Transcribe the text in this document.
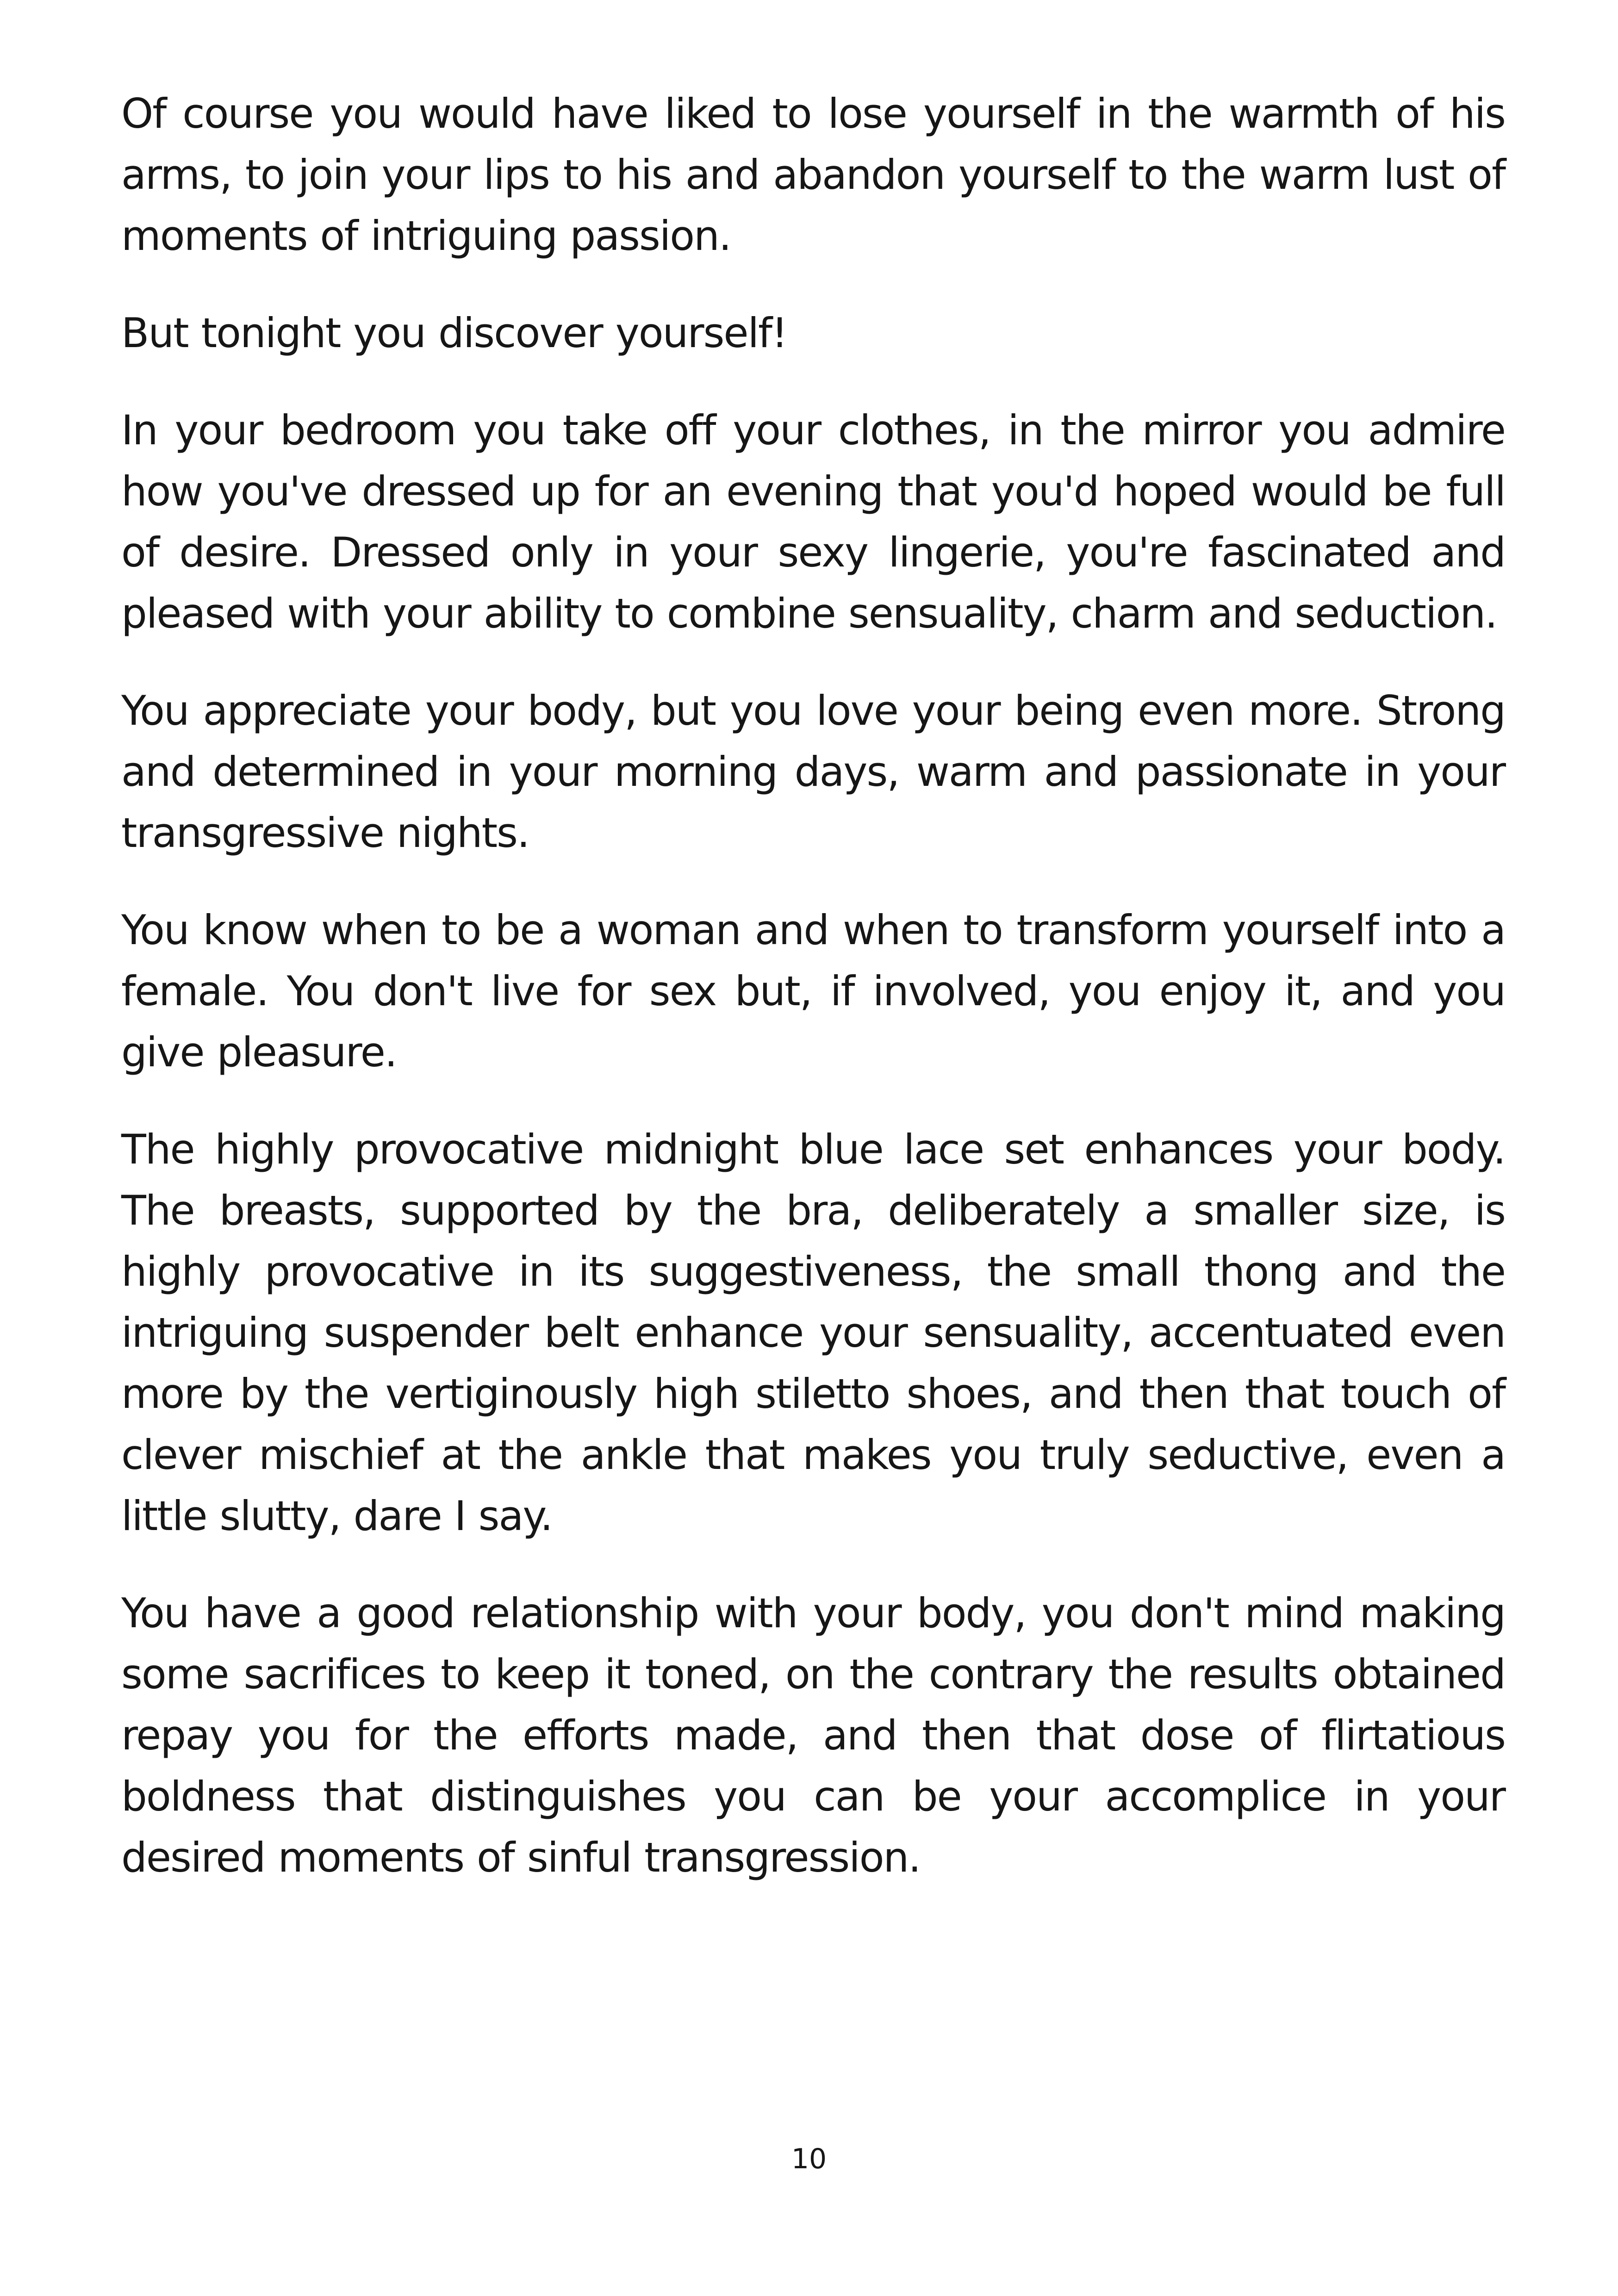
Of course you would have liked to lose yourself in the warmth of his arms, to join your lips to his and abandon yourself to the warm lust of moments of intriguing passion.

But tonight you discover yourself!

In your bedroom you take off your clothes, in the mirror you admire how you've dressed up for an evening that you'd hoped would be full of desire. Dressed only in your sexy lingerie, you're fascinated and pleased with your ability to combine sensuality, charm and seduction.

You appreciate your body, but you love your being even more. Strong and determined in your morning days, warm and passionate in your transgressive nights.

You know when to be a woman and when to transform yourself into a female. You don't live for sex but, if involved, you enjoy it, and you give pleasure.

The highly provocative midnight blue lace set enhances your body. The breasts, supported by the bra, deliberately a smaller size, is highly provocative in its suggestiveness, the small thong and the intriguing suspender belt enhance your sensuality, accentuated even more by the vertiginously high stiletto shoes, and then that touch of clever mischief at the ankle that makes you truly seductive, even a little slutty, dare I say.

You have a good relationship with your body, you don't mind making some sacrifices to keep it toned, on the contrary the results obtained repay you for the efforts made, and then that dose of flirtatious boldness that distinguishes you can be your accomplice in your desired moments of sinful transgression.

10
